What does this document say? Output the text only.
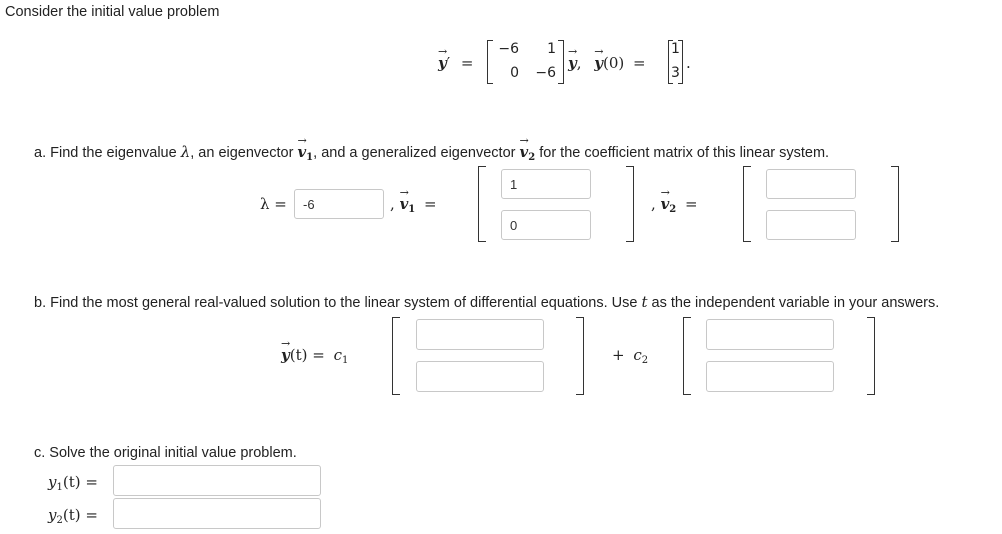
Consider the initial value problem
→ y′ =
−6	1
0 −6
→ y, → y(0) =
1
3
.
a. Find the eigenvalue λ, an eigenvector → $v_1$, and a generalized eigenvector → $v_2$ for the coefficient matrix of this linear system.
λ =
-6	, → $v_1$ =
1
0	, → $v_2$ =
b. Find the most general real-valued solution to the linear system of differential equations. Use t as the independent variable in your answers.
→ $y(t) = c_1$	+ $c_2$
c. Solve the original initial value problem.
$y_1(t)$ =
$y_2(t)$ =
